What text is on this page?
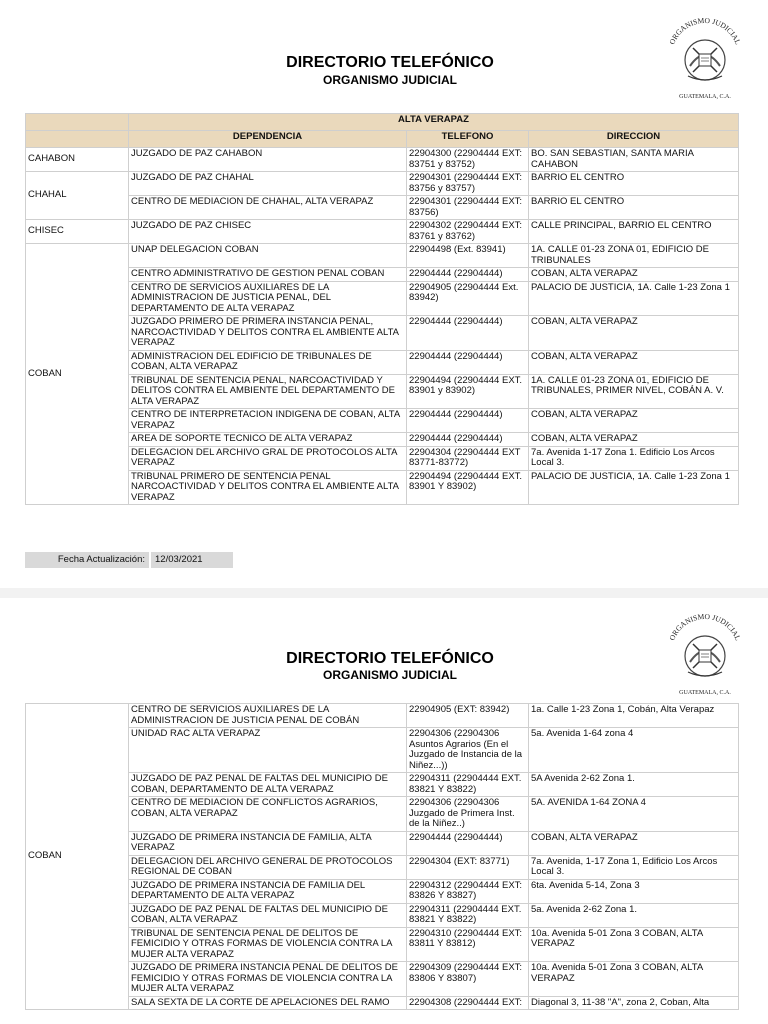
DIRECTORIO TELEFÓNICO
ORGANISMO JUDICIAL
ORGANISMO JUDICIAL
GUATEMALA, C.A.
	ALTA VERAPAZ		
	DEPENDENCIA	TELEFONO	DIRECCION
CAHABON	JUZGADO DE PAZ CAHABON	22904300 (22904444 EXT: 83751 y 83752)	BO. SAN SEBASTIAN, SANTA MARIA CAHABON
CHAHAL	JUZGADO DE PAZ CHAHAL	22904301 (22904444 EXT: 83756 y 83757)	BARRIO EL CENTRO
	CENTRO DE MEDIACION DE CHAHAL, ALTA VERAPAZ	22904301 (22904444 EXT: 83756)	BARRIO EL CENTRO
CHISEC	JUZGADO DE PAZ CHISEC	22904302 (22904444 EXT: 83761 y 83762)	CALLE PRINCIPAL, BARRIO EL CENTRO
COBAN	UNAP DELEGACION COBAN	22904498 (Ext. 83941)	1A. CALLE 01-23 ZONA 01, EDIFICIO DE TRIBUNALES
	CENTRO ADMINISTRATIVO DE GESTION PENAL COBAN	22904444 (22904444)	COBAN, ALTA VERAPAZ
	CENTRO DE SERVICIOS AUXILIARES DE LA ADMINISTRACION DE JUSTICIA PENAL, DEL DEPARTAMENTO DE ALTA VERAPAZ	22904905 (22904444 Ext. 83942)	PALACIO DE JUSTICIA, 1A. Calle 1-23 Zona 1
	JUZGADO PRIMERO DE PRIMERA INSTANCIA PENAL, NARCOACTIVIDAD Y DELITOS CONTRA EL AMBIENTE ALTA VERAPAZ	22904444 (22904444)	COBAN, ALTA VERAPAZ
	ADMINISTRACION DEL EDIFICIO DE TRIBUNALES DE COBAN, ALTA VERAPAZ	22904444 (22904444)	COBAN, ALTA VERAPAZ
	TRIBUNAL DE SENTENCIA PENAL, NARCOACTIVIDAD Y DELITOS CONTRA EL AMBIENTE DEL DEPARTAMENTO DE ALTA VERAPAZ	22904494 (22904444 EXT. 83901 y 83902)	1A. CALLE 01-23 ZONA 01, EDIFICIO DE TRIBUNALES, PRIMER NIVEL, COBÁN A. V.
	CENTRO DE INTERPRETACION INDIGENA DE COBAN, ALTA VERAPAZ	22904444 (22904444)	COBAN, ALTA VERAPAZ
	AREA DE SOPORTE TECNICO DE ALTA VERAPAZ	22904444 (22904444)	COBAN, ALTA VERAPAZ
	DELEGACION DEL ARCHIVO GRAL DE PROTOCOLOS ALTA VERAPAZ	22904304 (22904444 EXT 83771-83772)	7a. Avenida 1-17 Zona 1. Edificio Los Arcos Local 3.
	TRIBUNAL PRIMERO DE SENTENCIA PENAL NARCOACTIVIDAD Y DELITOS CONTRA EL AMBIENTE ALTA VERAPAZ	22904494 (22904444 EXT. 83901 Y 83902)	PALACIO DE JUSTICIA, 1A. Calle 1-23 Zona 1
Fecha Actualización:	12/03/2021
DIRECTORIO TELEFÓNICO
ORGANISMO JUDICIAL
ORGANISMO JUDICIAL
GUATEMALA, C.A.
COBAN	CENTRO DE SERVICIOS AUXILIARES DE LA ADMINISTRACION DE JUSTICIA PENAL DE COBÁN	22904905 (EXT: 83942)	1a. Calle 1-23 Zona 1, Cobán, Alta Verapaz
	UNIDAD RAC ALTA VERAPAZ	22904306 (22904306 Asuntos Agrarios (En el Juzgado de Instancia de la Niñez...))	5a. Avenida 1-64 zona 4
	JUZGADO DE PAZ PENAL DE FALTAS DEL MUNICIPIO DE COBAN, DEPARTAMENTO DE ALTA VERAPAZ	22904311 (22904444 EXT. 83821 Y 83822)	5A Avenida 2-62 Zona 1.
	CENTRO DE MEDIACION DE CONFLICTOS AGRARIOS, COBAN, ALTA VERAPAZ	22904306 (22904306 Juzgado de Primera Inst. de la Niñez..)	5A. AVENIDA 1-64 ZONA 4
	JUZGADO DE PRIMERA INSTANCIA DE FAMILIA, ALTA VERAPAZ	22904444 (22904444)	COBAN, ALTA VERAPAZ
	DELEGACION DEL ARCHIVO GENERAL DE PROTOCOLOS REGIONAL DE COBAN	22904304 (EXT: 83771)	7a. Avenida, 1-17 Zona 1, Edificio Los Arcos Local 3.
	JUZGADO DE PRIMERA INSTANCIA DE FAMILIA DEL DEPARTAMENTO DE ALTA VERAPAZ	22904312 (22904444 EXT: 83826 Y 83827)	6ta. Avenida 5-14, Zona 3
	JUZGADO DE PAZ PENAL DE FALTAS DEL MUNICIPIO DE COBAN, ALTA VERAPAZ	22904311 (22904444 EXT. 83821 Y 83822)	5a. Avenida 2-62 Zona 1.
	TRIBUNAL DE SENTENCIA PENAL DE DELITOS DE FEMICIDIO Y OTRAS FORMAS DE VIOLENCIA CONTRA LA MUJER ALTA VERAPAZ	22904310 (22904444 EXT: 83811 Y 83812)	10a. Avenida 5-01 Zona 3 COBAN, ALTA VERAPAZ
	JUZGADO DE PRIMERA INSTANCIA PENAL DE DELITOS DE FEMICIDIO Y OTRAS FORMAS DE VIOLENCIA CONTRA LA MUJER ALTA VERAPAZ	22904309 (22904444 EXT: 83806 Y 83807)	10a. Avenida 5-01 Zona 3 COBAN, ALTA VERAPAZ
	SALA SEXTA DE LA CORTE DE APELACIONES DEL RAMO	22904308 (22904444 EXT:	Diagonal 3, 11-38 "A", zona 2, Coban, Alta
